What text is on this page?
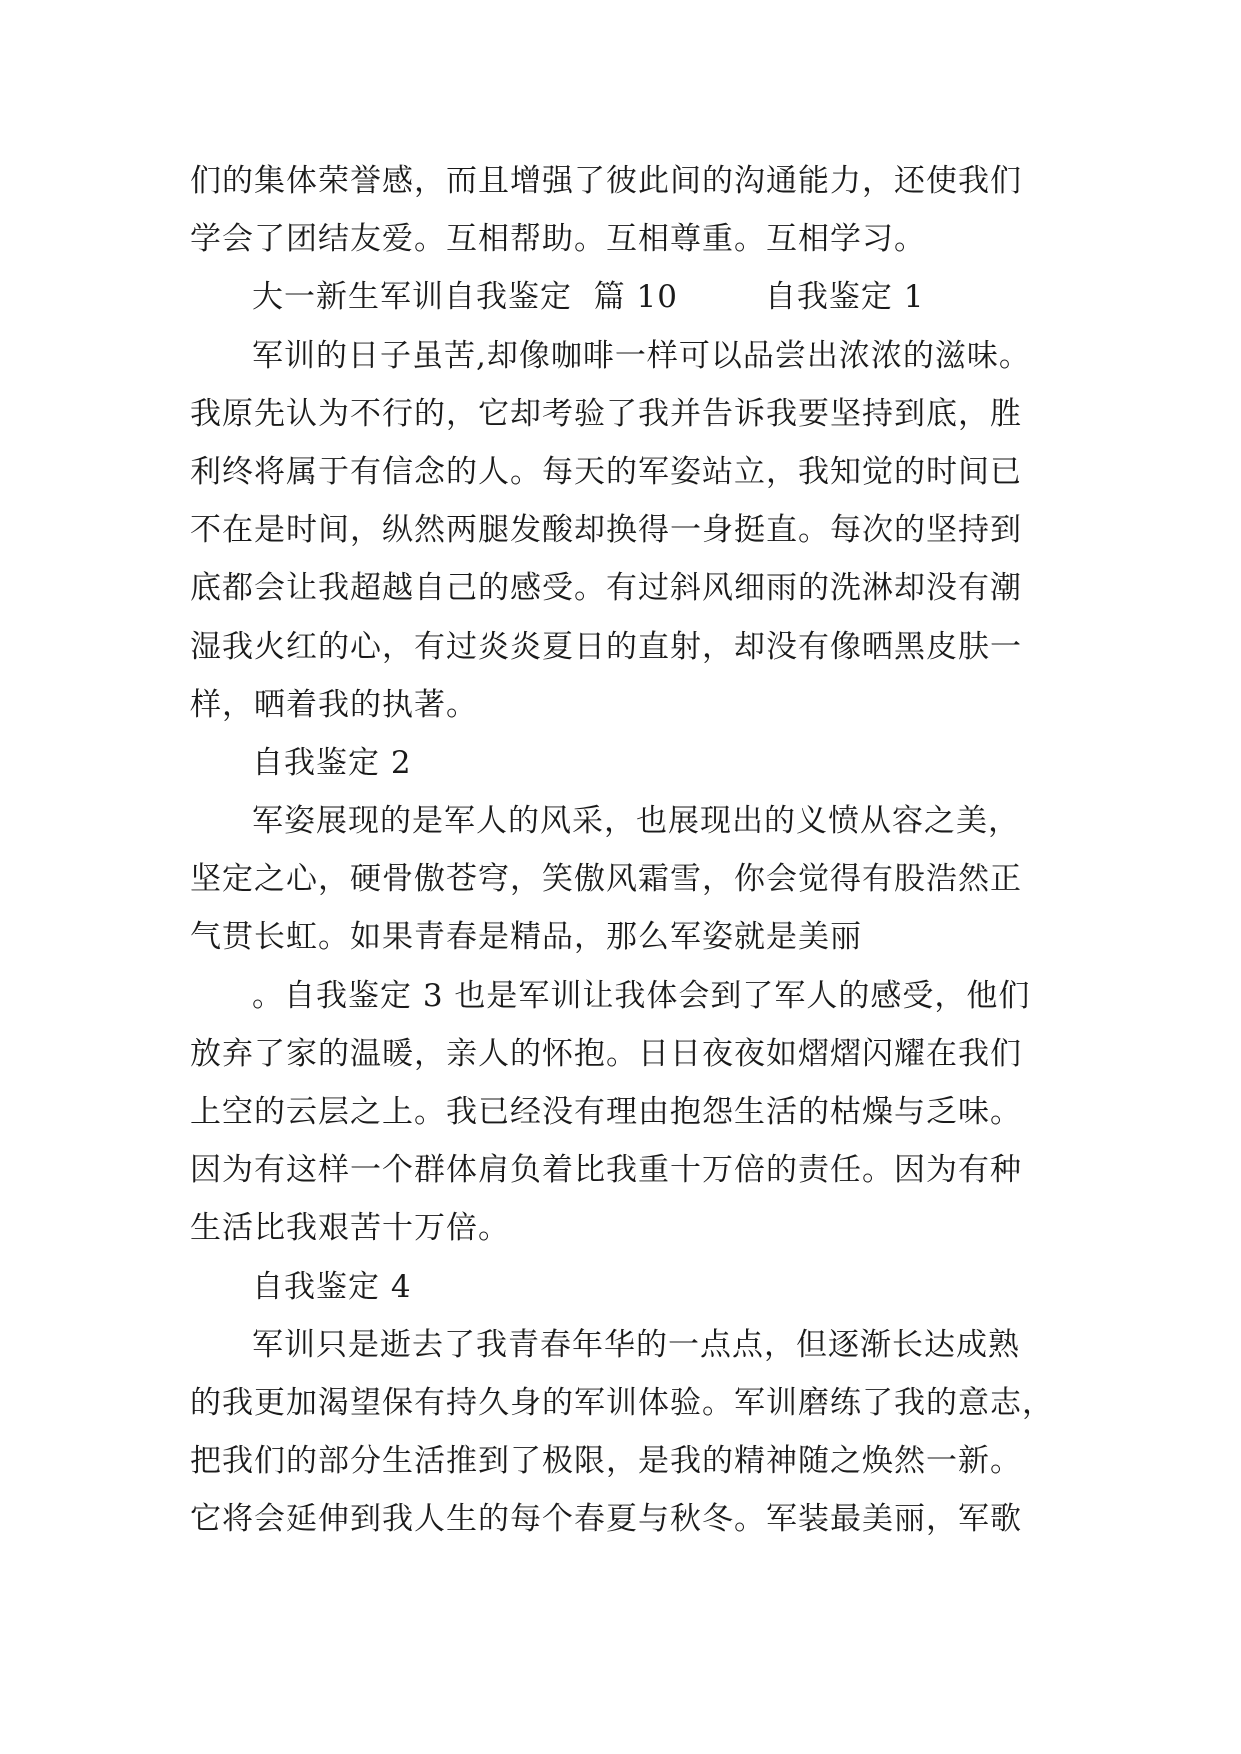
们的集体荣誉感，而且增强了彼此间的沟通能力，还使我们
学会了团结友爱。互相帮助。互相尊重。互相学习。
大一新生军训自我鉴定  篇 10        自我鉴定 1
军训的日子虽苦,却像咖啡一样可以品尝出浓浓的滋味。
我原先认为不行的，它却考验了我并告诉我要坚持到底，胜
利终将属于有信念的人。每天的军姿站立，我知觉的时间已
不在是时间，纵然两腿发酸却换得一身挺直。每次的坚持到
底都会让我超越自己的感受。有过斜风细雨的洗淋却没有潮
湿我火红的心，有过炎炎夏日的直射，却没有像晒黑皮肤一
样，晒着我的执著。
自我鉴定 2
军姿展现的是军人的风采，也展现出的义愤从容之美，
坚定之心，硬骨傲苍穹，笑傲风霜雪，你会觉得有股浩然正
气贯长虹。如果青春是精品，那么军姿就是美丽
。自我鉴定 3 也是军训让我体会到了军人的感受，他们
放弃了家的温暖，亲人的怀抱。日日夜夜如熠熠闪耀在我们
上空的云层之上。我已经没有理由抱怨生活的枯燥与乏味。
因为有这样一个群体肩负着比我重十万倍的责任。因为有种
生活比我艰苦十万倍。
自我鉴定 4
军训只是逝去了我青春年华的一点点，但逐渐长达成熟
的我更加渴望保有持久身的军训体验。军训磨练了我的意志，
把我们的部分生活推到了极限，是我的精神随之焕然一新。
它将会延伸到我人生的每个春夏与秋冬。军装最美丽，军歌
